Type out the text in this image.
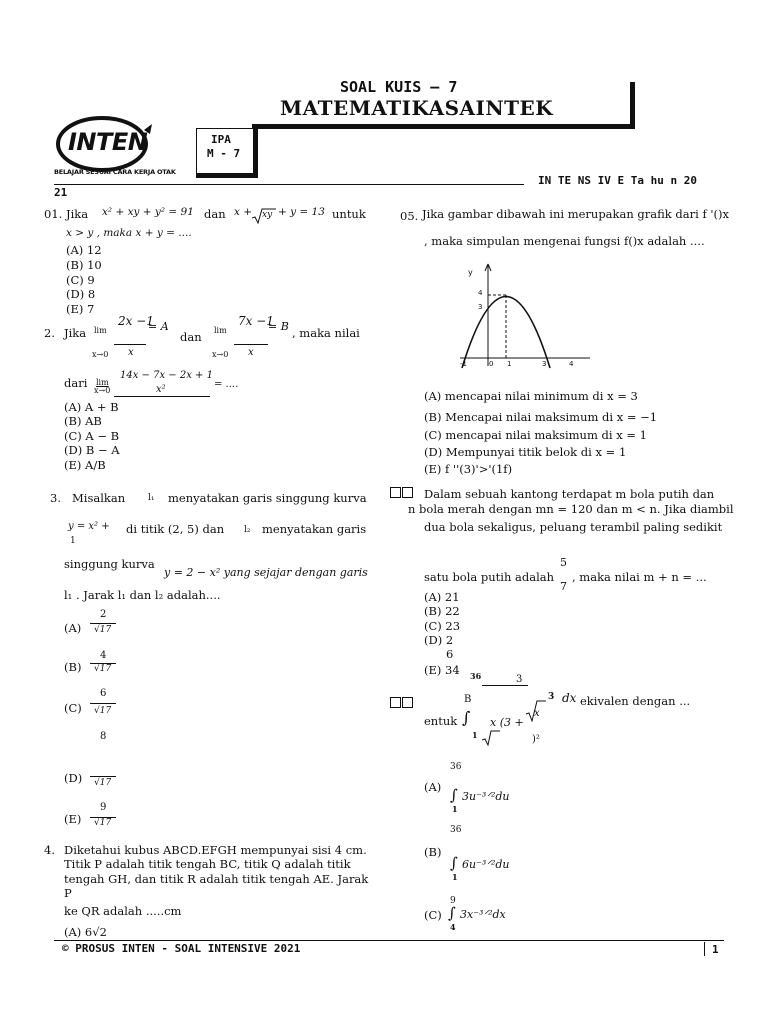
SOAL KUIS – 7
MATEMATIKASAINTEK
INTEN
BELAJAR SESUAI CARA KERJA OTAK
IPA
M - 7
IN TE NS IV E Ta hu n 20
21
01. Jika x² + xy + y² = 91 dan x + xy + y = 13 untuk
x > y , maka x + y = ....
(A) 12
(B) 10
(C) 9
(D) 8
(E) 7
2. Jika lim
x→0
2x −1
x
= A
dan lim
x→0
7x −1
x
= B , maka nilai
dari lim
x→0
14x − 7x − 2x + 1
x²	= ....
(A) A + B
(B) AB
(C) A − B
(D) B − A
(E) A/B
3. Misalkan	l₁ menyatakan garis singgung kurva
y = x² +
1
di titik (2, 5) dan l₂ menyatakan garis
singgung kurva
y = 2 − x² yang sejajar dengan garis
l₁ . Jarak l₁ dan l₂ adalah....
(A)
2
√17
(B)
4
√17
(C)
6
√17
8
(D) √17
9
(E) √17
4. Diketahui kubus ABCD.EFGH mempunyai sisi 4 cm.
Titik P adalah titik tengah BC, titik Q adalah titik
tengah GH, dan titik R adalah titik tengah AE. Jarak
P
ke QR adalah .....cm
(A) 6√2
05. Jika gambar dibawah ini merupakan grafik dari f '()x
, maka simpulan mengenai fungsi f()x adalah ....
y
4
3
-1	0 1	3	4
(A) mencapai nilai minimum di x = 3
(B) Mencapai nilai maksimum di x = −1
(C) mencapai nilai maksimum di x = 1
(D) Mempunyai titik belok di x = 1
(E) f ''(3)'>'(1f)
Dalam sebuah kantong terdapat m bola putih dan
n bola merah dengan mn = 120 dan m < n. Jika diambil
dua bola sekaligus, peluang terambil paling sedikit
satu bola putih adalah
5
7
, maka nilai m + n = ...
(A) 21
(B) 22
(C) 23
(D) 2
6
(E) 34 36	3
B
entuk ∫
1
x (3 +
3
x
)²
dx ekivalen dengan ...
36
(A) ∫
1
3u⁻³ᐟ²du
36
(B)
∫
1
6u⁻³ᐟ²du
9
(C) ∫
4
3x⁻³ᐟ²dx
© PROSUS INTEN - SOAL INTENSIVE 2021	1
